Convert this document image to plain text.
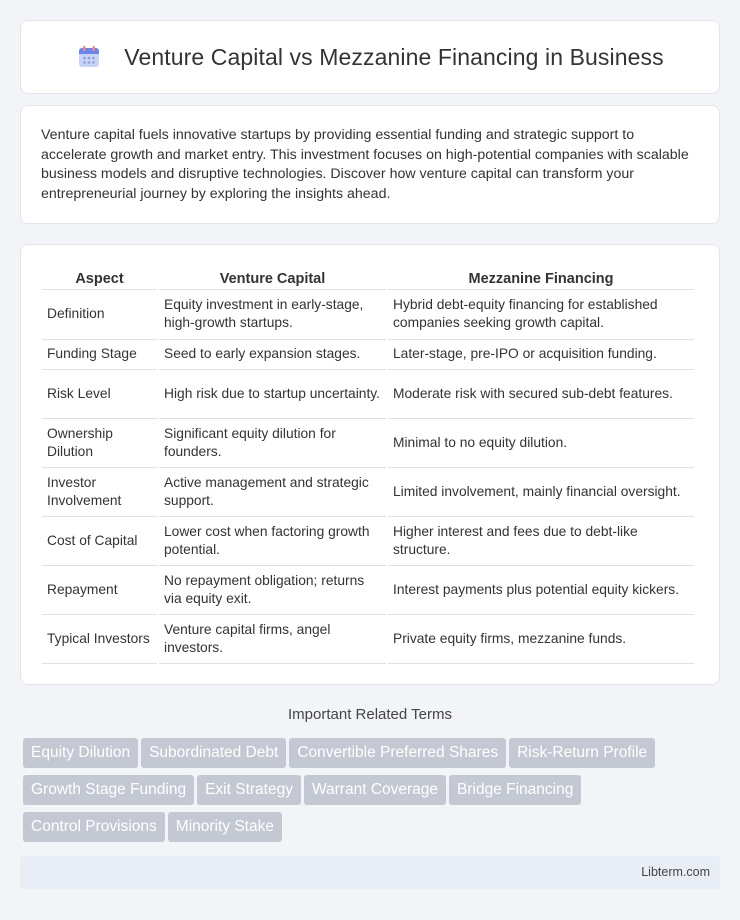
Venture Capital vs Mezzanine Financing in Business

Venture capital fuels innovative startups by providing essential funding and strategic support to accelerate growth and market entry. This investment focuses on high-potential companies with scalable business models and disruptive technologies. Discover how venture capital can transform your entrepreneurial journey by exploring the insights ahead.

Aspect	Venture Capital	Mezzanine Financing
Definition	Equity investment in early-stage, high-growth startups.	Hybrid debt-equity financing for established companies seeking growth capital.
Funding Stage	Seed to early expansion stages.	Later-stage, pre-IPO or acquisition funding.
Risk Level	High risk due to startup uncertainty.	Moderate risk with secured sub-debt features.
Ownership Dilution	Significant equity dilution for founders.	Minimal to no equity dilution.
Investor Involvement	Active management and strategic support.	Limited involvement, mainly financial oversight.
Cost of Capital	Lower cost when factoring growth potential.	Higher interest and fees due to debt-like structure.
Repayment	No repayment obligation; returns via equity exit.	Interest payments plus potential equity kickers.
Typical Investors	Venture capital firms, angel investors.	Private equity firms, mezzanine funds.
Important Related Terms
Equity Dilution Subordinated Debt Convertible Preferred Shares Risk-Return ProfileGrowth Stage Funding Exit Strategy Warrant Coverage Bridge FinancingControl Provisions Minority Stake
Libterm.com
